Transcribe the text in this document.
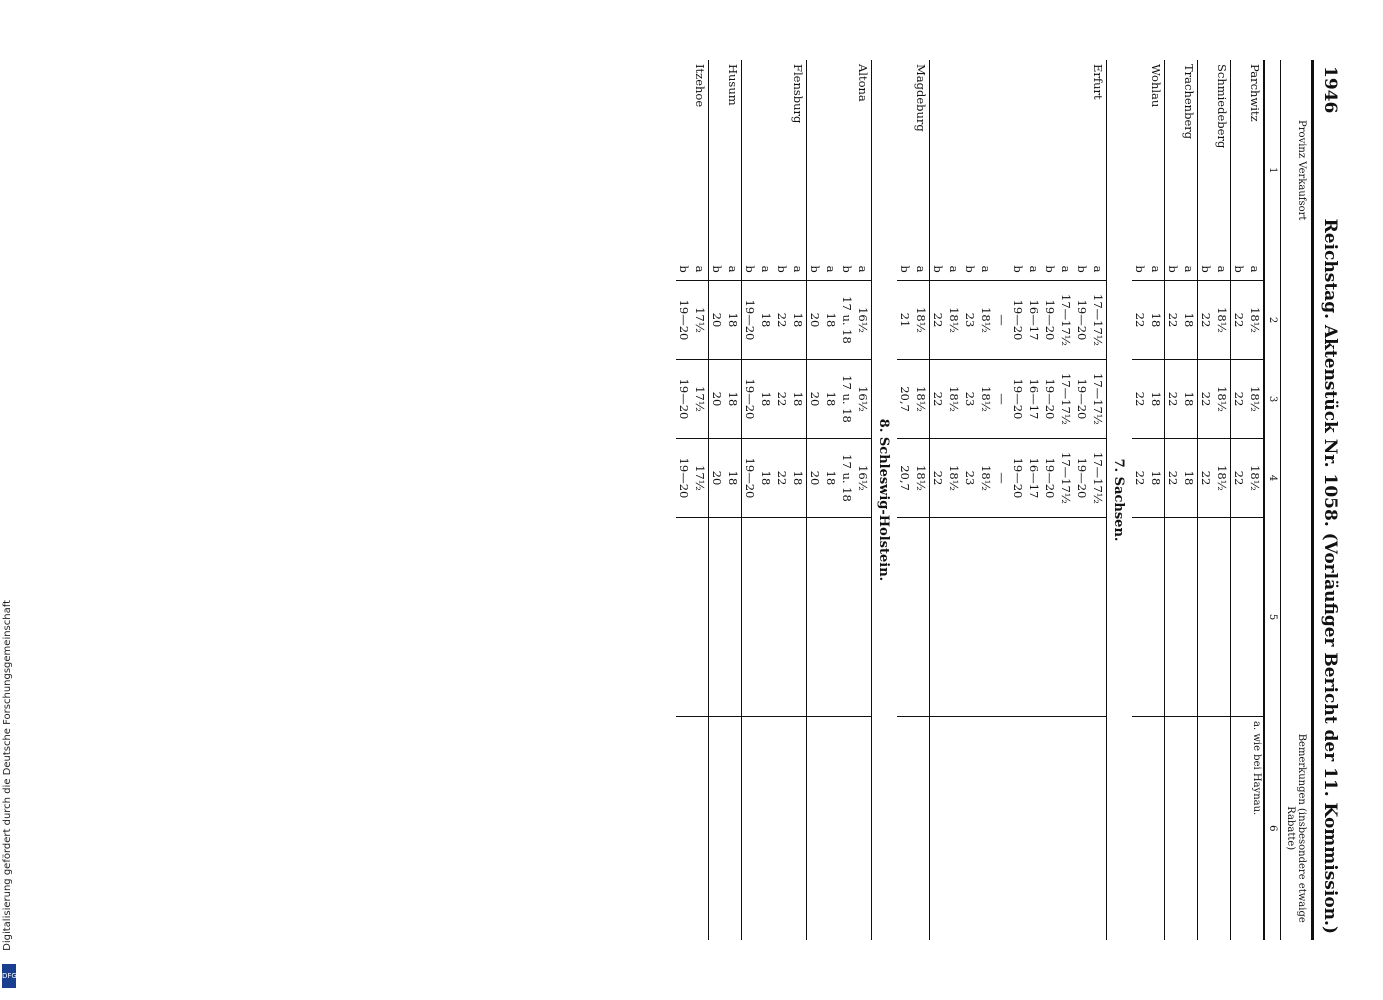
Digitalisierung gefördert durch die Deutsche Forschungsgemeinschaft
DFG
1946
Reichstag. Aktenstück Nr. 1058. (Vorläufiger Bericht der 11. Kommission.)
Provinz Verkaufsort						Bemerkungen (insbesondere etwaige Rabatte)
1		2	3	4	5	6
Parchwitz	a	18½	18½	18½		a. wie bei Haynau.
	b	22	22	22		
Schmiedeberg	a	18½	18½	18½		
	b	22	22	22		
Trachenberg	a	18	18	18		
	b	22	22	22		
Wohlau	a	18	18	18		
	b	22	22	22		
7. Sachsen.						
Erfurt	a	17—17½	17—17½	17—17½		
	b	19—20	19—20	19—20		
	a	17—17½	17—17½	17—17½		
	b	19—20	19—20	19—20		
	a	16—17	16—17	16—17		
	b	19—20	19—20	19—20		
		—	—	—		
	a	18½	18½	18½		
	b	23	23	23		
	a	18½	18½	18½		
	b	22	22	22		
Magdeburg	a	18½	18½	18½		
	b	21	20,7	20,7		
8. Schleswig-Holstein.						
Altona	a	16½	16½	16½		
	b	17 u. 18	17 u. 18	17 u. 18		
	a	18	18	18		
	b	20	20	20		
Flensburg	a	18	18	18		
	b	22	22	22		
	a	18	18	18		
	b	19—20	19—20	19—20		
Husum	a	18	18	18		
	b	20	20	20		
Itzehoe	a	17½	17½	17½		
	b	19—20	19—20	19—20		
